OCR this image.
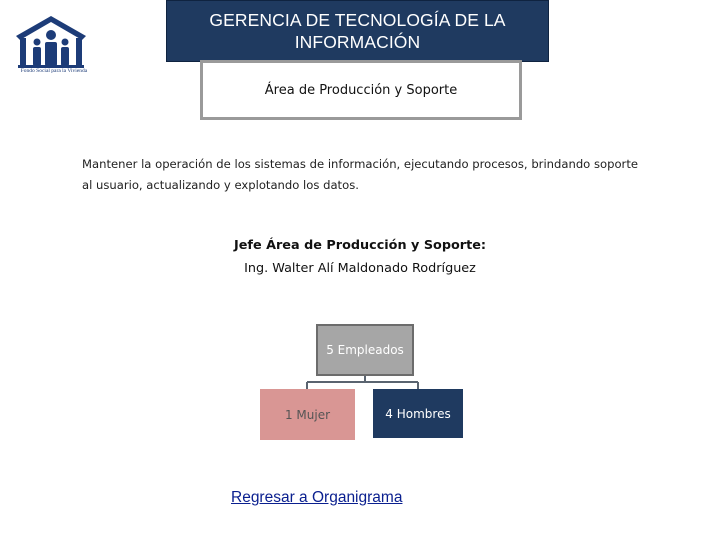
Fondo Social para la Vivienda
GERENCIA DE TECNOLOGÍA DE LA INFORMACIÓN
Área de Producción y Soporte
Mantener la operación de los sistemas de información, ejecutando procesos, brindando soporte al usuario, actualizando y explotando los datos.
Jefe Área de Producción y Soporte:
Ing. Walter Alí Maldonado Rodríguez
5 Empleados
1 Mujer	4 Hombres
Regresar a Organigrama
